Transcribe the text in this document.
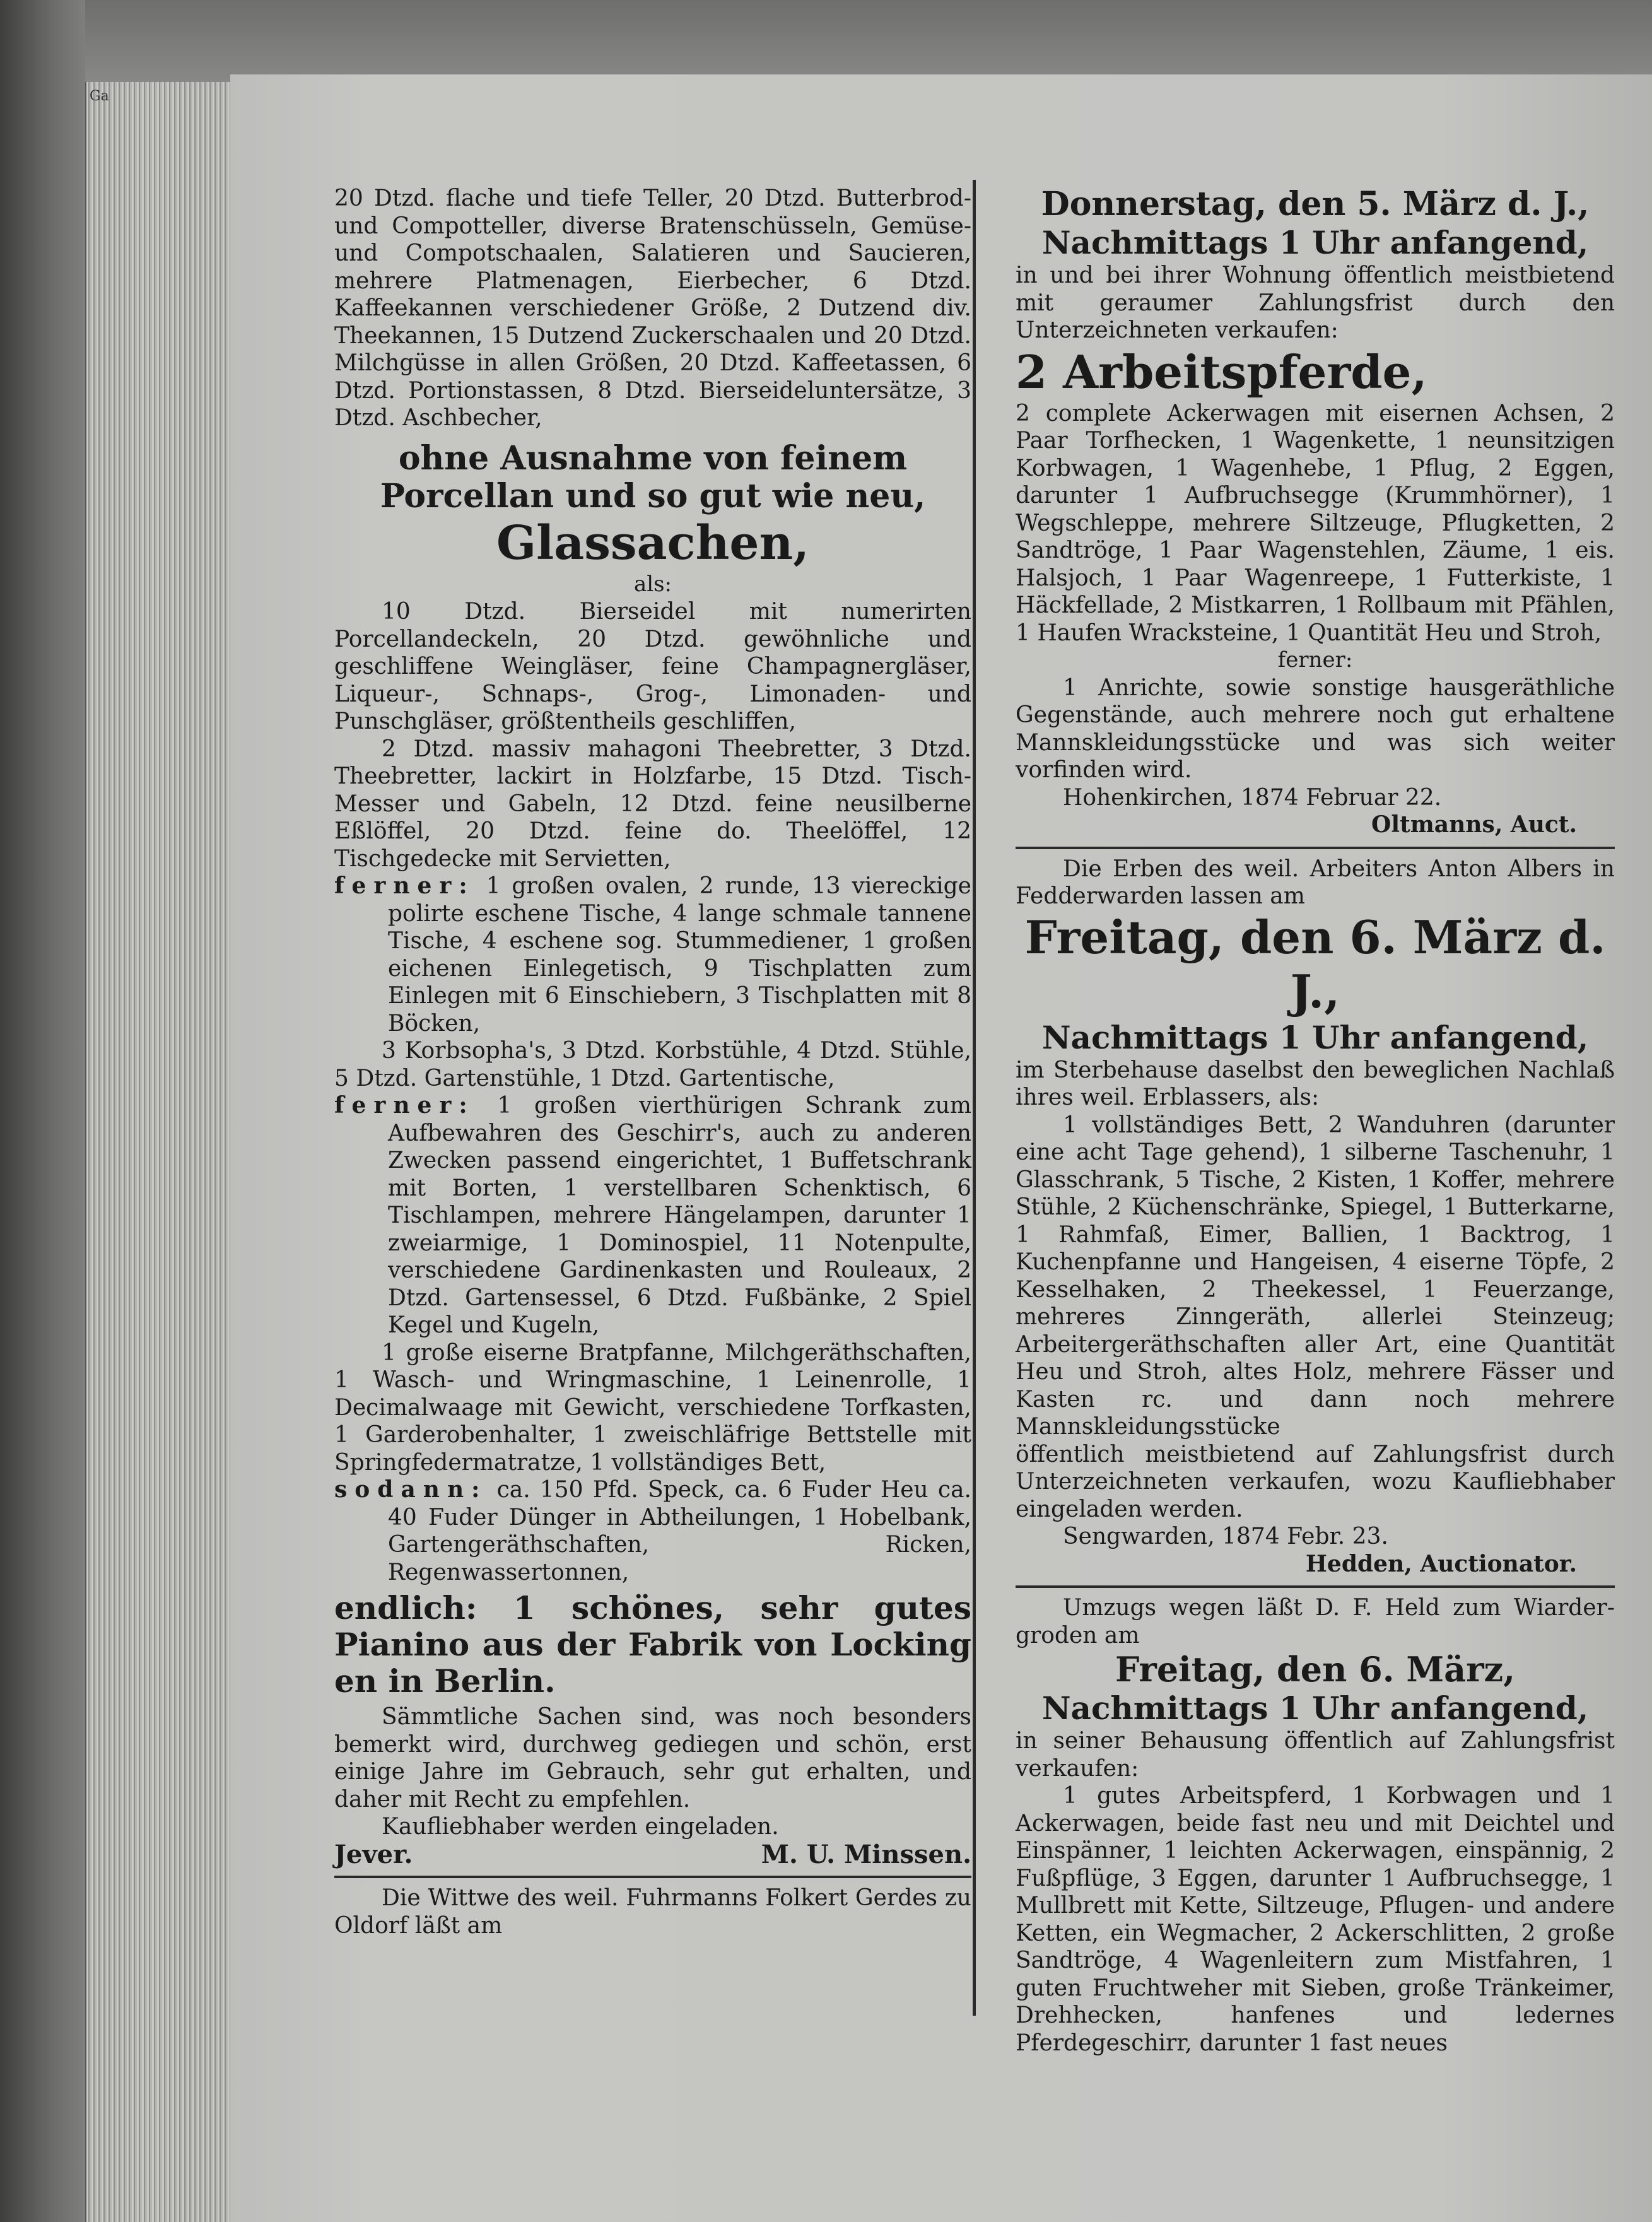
Ga

20 Dtzd. flache und tiefe Teller, 20 Dtzd. Butterbrod- und Compotteller, diverse Bratenschüsseln, Gemüse- und Compotschaalen, Salatieren und Saucieren, mehrere Platmenagen, Eierbecher, 6 Dtzd. Kaffeekannen verschiedener Größe, 2 Dutzend div. Theekannen, 15 Dutzend Zuckerschaalen und 20 Dtzd. Milchgüsse in allen Größen, 20 Dtzd. Kaffeetassen, 6 Dtzd. Portionstassen, 8 Dtzd. Bierseideluntersätze, 3 Dtzd. Aschbecher,

ohne Ausnahme von feinem Porcellan und so gut wie neu,

Glassachen,

als:

10 Dtzd. Bierseidel mit numerirten Porcellandeckeln, 20 Dtzd. gewöhnliche und geschliffene Weingläser, feine Champagnergläser, Liqueur-, Schnaps-, Grog-, Limonaden- und Punschgläser, größtentheils geschliffen,

2 Dtzd. massiv mahagoni Theebretter, 3 Dtzd. Theebretter, lackirt in Holzfarbe, 15 Dtzd. Tisch-Messer und Gabeln, 12 Dtzd. feine neusilberne Eßlöffel, 20 Dtzd. feine do. Theelöffel, 12 Tischgedecke mit Servietten,

ferner: 1 großen ovalen, 2 runde, 13 viereckige polirte eschene Tische, 4 lange schmale tannene Tische, 4 eschene sog. Stummediener, 1 großen eichenen Einlegetisch, 9 Tischplatten zum Einlegen mit 6 Einschiebern, 3 Tischplatten mit 8 Böcken,

3 Korbsopha's, 3 Dtzd. Korbstühle, 4 Dtzd. Stühle, 5 Dtzd. Gartenstühle, 1 Dtzd. Gartentische,

ferner: 1 großen vierthürigen Schrank zum Aufbewahren des Geschirr's, auch zu anderen Zwecken passend eingerichtet, 1 Buffetschrank mit Borten, 1 verstellbaren Schenktisch, 6 Tischlampen, mehrere Hängelampen, darunter 1 zweiarmige, 1 Dominospiel, 11 Notenpulte, verschiedene Gardinenkasten und Rouleaux, 2 Dtzd. Gartensessel, 6 Dtzd. Fußbänke, 2 Spiel Kegel und Kugeln,

1 große eiserne Bratpfanne, Milchgeräthschaften, 1 Wasch- und Wringmaschine, 1 Leinenrolle, 1 Decimalwaage mit Gewicht, verschiedene Torfkasten, 1 Garderobenhalter, 1 zweischläfrige Bettstelle mit Springfedermatratze, 1 vollständiges Bett,

sodann: ca. 150 Pfd. Speck, ca. 6 Fuder Heu ca. 40 Fuder Dünger in Abtheilungen, 1 Hobelbank, Gartengeräthschaften, Ricken, Regenwassertonnen,

endlich: 1 schönes, sehr gutes Pianino aus der Fabrik von Locking en in Berlin.

Sämmtliche Sachen sind, was noch besonders bemerkt wird, durchweg gediegen und schön, erst einige Jahre im Gebrauch, sehr gut erhalten, und daher mit Recht zu empfehlen.

Kaufliebhaber werden eingeladen.

Jever.	M. U. Minssen.

Die Wittwe des weil. Fuhrmanns Folkert Gerdes zu Oldorf läßt am

Donnerstag, den 5. März d. J.,

Nachmittags 1 Uhr anfangend,

in und bei ihrer Wohnung öffentlich meistbietend mit geraumer Zahlungsfrist durch den Unterzeichneten verkaufen:

2 Arbeitspferde,

2 complete Ackerwagen mit eisernen Achsen, 2 Paar Torfhecken, 1 Wagenkette, 1 neunsitzigen Korbwagen, 1 Wagenhebe, 1 Pflug, 2 Eggen, darunter 1 Aufbruchsegge (Krummhörner), 1 Wegschleppe, mehrere Siltzeuge, Pflugketten, 2 Sandtröge, 1 Paar Wagenstehlen, Zäume, 1 eis. Halsjoch, 1 Paar Wagenreepe, 1 Futterkiste, 1 Häckfellade, 2 Mistkarren, 1 Rollbaum mit Pfählen, 1 Haufen Wracksteine, 1 Quantität Heu und Stroh,

ferner:

1 Anrichte, sowie sonstige hausgeräthliche Gegenstände, auch mehrere noch gut erhaltene Mannskleidungsstücke und was sich weiter vorfinden wird.

Hohenkirchen, 1874 Februar 22.

Oltmanns, Auct.

Die Erben des weil. Arbeiters Anton Albers in Fedderwarden lassen am

Freitag, den 6. März d. J.,

Nachmittags 1 Uhr anfangend,

im Sterbehause daselbst den beweglichen Nachlaß ihres weil. Erblassers, als:

1 vollständiges Bett, 2 Wanduhren (darunter eine acht Tage gehend), 1 silberne Taschenuhr, 1 Glasschrank, 5 Tische, 2 Kisten, 1 Koffer, mehrere Stühle, 2 Küchenschränke, Spiegel, 1 Butterkarne, 1 Rahmfaß, Eimer, Ballien, 1 Backtrog, 1 Kuchenpfanne und Hangeisen, 4 eiserne Töpfe, 2 Kesselhaken, 2 Theekessel, 1 Feuerzange, mehreres Zinngeräth, allerlei Steinzeug; Arbeitergeräthschaften aller Art, eine Quantität Heu und Stroh, altes Holz, mehrere Fässer und Kasten rc. und dann noch mehrere Mannskleidungsstücke

öffentlich meistbietend auf Zahlungsfrist durch Unterzeichneten verkaufen, wozu Kaufliebhaber eingeladen werden.

Sengwarden, 1874 Febr. 23.

Hedden, Auctionator.

Umzugs wegen läßt D. F. Held zum Wiarder-groden am

Freitag, den 6. März,

Nachmittags 1 Uhr anfangend,

in seiner Behausung öffentlich auf Zahlungsfrist verkaufen:

1 gutes Arbeitspferd, 1 Korbwagen und 1 Ackerwagen, beide fast neu und mit Deichtel und Einspänner, 1 leichten Ackerwagen, einspännig, 2 Fußpflüge, 3 Eggen, darunter 1 Aufbruchsegge, 1 Mullbrett mit Kette, Siltzeuge, Pflugen- und andere Ketten, ein Wegmacher, 2 Ackerschlitten, 2 große Sandtröge, 4 Wagenleitern zum Mistfahren, 1 guten Fruchtweher mit Sieben, große Tränkeimer, Drehhecken, hanfenes und ledernes Pferdegeschirr, darunter 1 fast neues
